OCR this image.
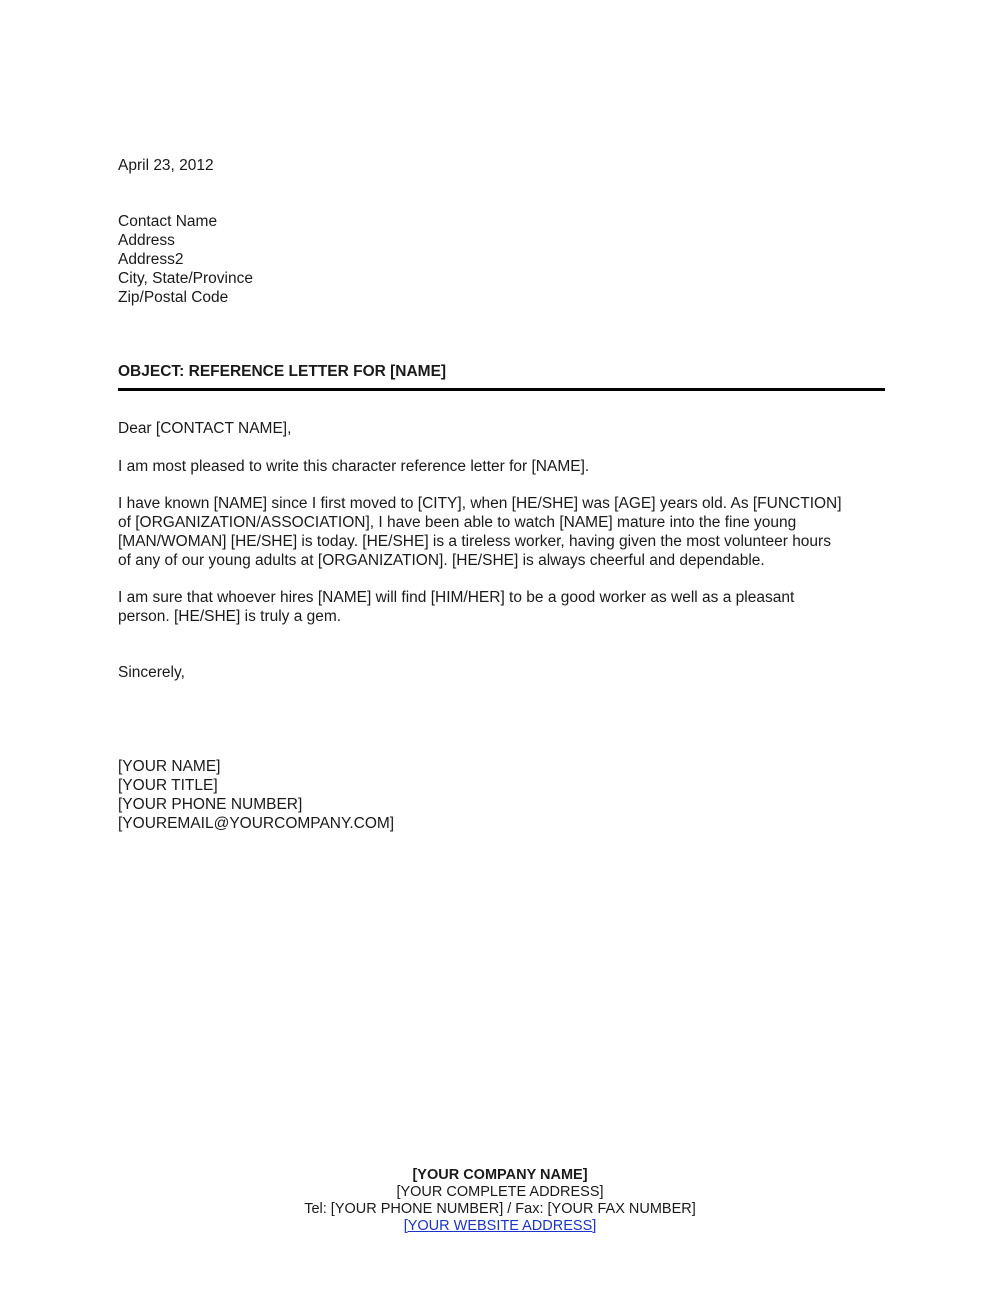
April 23, 2012
Contact Name
Address
Address2
City, State/Province
Zip/Postal Code
OBJECT: REFERENCE LETTER FOR [NAME]
Dear [CONTACT NAME],
I am most pleased to write this character reference letter for [NAME].
I have known [NAME] since I first moved to [CITY], when [HE/SHE] was [AGE] years old. As [FUNCTION]
of [ORGANIZATION/ASSOCIATION], I have been able to watch [NAME] mature into the fine young
[MAN/WOMAN] [HE/SHE] is today. [HE/SHE] is a tireless worker, having given the most volunteer hours
of any of our young adults at [ORGANIZATION]. [HE/SHE] is always cheerful and dependable.
I am sure that whoever hires [NAME] will find [HIM/HER] to be a good worker as well as a pleasant
person. [HE/SHE] is truly a gem.
Sincerely,
[YOUR NAME]
[YOUR TITLE]
[YOUR PHONE NUMBER]
[YOUREMAIL@YOURCOMPANY.COM]
[YOUR COMPANY NAME]
[YOUR COMPLETE ADDRESS]
Tel: [YOUR PHONE NUMBER] / Fax: [YOUR FAX NUMBER]
[YOUR WEBSITE ADDRESS]
